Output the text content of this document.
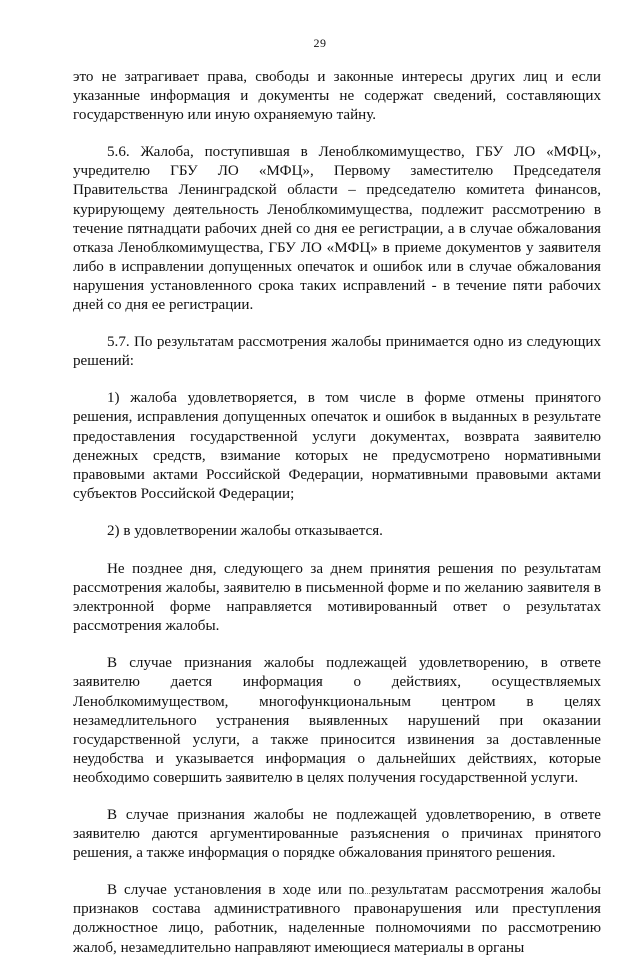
29

это не затрагивает права, свободы и законные интересы других лиц и если указанные информация и документы не содержат сведений, составляющих государственную или иную охраняемую тайну.

5.6. Жалоба, поступившая в Леноблкомимущество, ГБУ ЛО «МФЦ», учредителю ГБУ ЛО «МФЦ», Первому заместителю Председателя Правительства Ленинградской области – председателю комитета финансов, курирующему деятельность Леноблкомимущества, подлежит рассмотрению в течение пятнадцати рабочих дней со дня ее регистрации, а в случае обжалования отказа Леноблкомимущества, ГБУ ЛО «МФЦ» в приеме документов у заявителя либо в исправлении допущенных опечаток и ошибок или в случае обжалования нарушения установленного срока таких исправлений - в течение пяти рабочих дней со дня ее регистрации.

5.7. По результатам рассмотрения жалобы принимается одно из следующих решений:

1) жалоба удовлетворяется, в том числе в форме отмены принятого решения, исправления допущенных опечаток и ошибок в выданных в результате предоставления государственной услуги документах, возврата заявителю денежных средств, взимание которых не предусмотрено нормативными правовыми актами Российской Федерации, нормативными правовыми актами субъектов Российской Федерации;

2) в удовлетворении жалобы отказывается.

Не позднее дня, следующего за днем принятия решения по результатам рассмотрения жалобы, заявителю в письменной форме и по желанию заявителя в электронной форме направляется мотивированный ответ о результатах рассмотрения жалобы.

В случае признания жалобы подлежащей удовлетворению, в ответе заявителю дается информация о действиях, осуществляемых Леноблкомимуществом, многофункциональным центром в целях незамедлительного устранения выявленных нарушений при оказании государственной услуги, а также приносится извинения за доставленные неудобства и указывается информация о дальнейших действиях, которые необходимо совершить заявителю в целях получения государственной услуги.

В случае признания жалобы не подлежащей удовлетворению, в ответе заявителю даются аргументированные разъяснения о причинах принятого решения, а также информация о порядке обжалования принятого решения.

В случае установления в ходе или по результатам рассмотрения жалобы признаков состава административного правонарушения или преступления должностное лицо, работник, наделенные полномочиями по рассмотрению жалоб, незамедлительно направляют имеющиеся материалы в органы
